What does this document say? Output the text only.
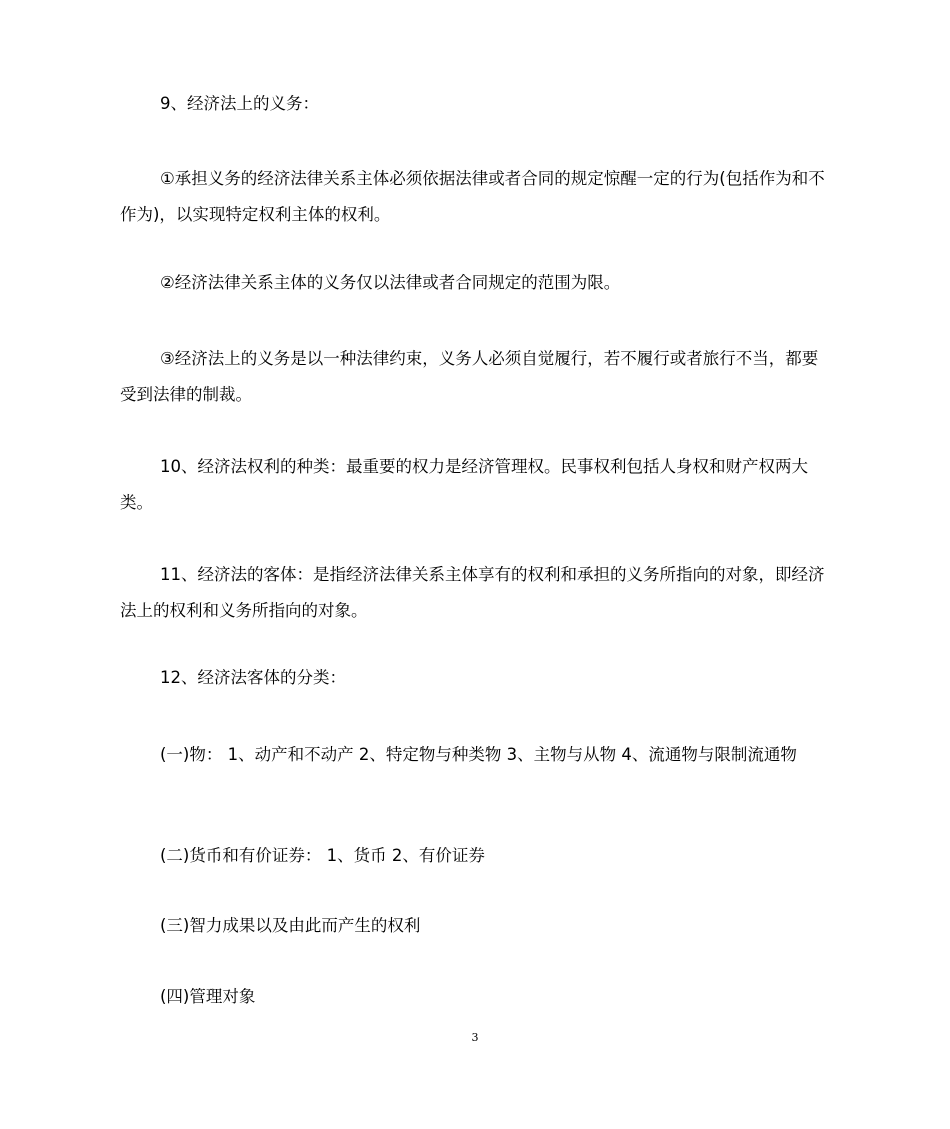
9、经济法上的义务：

①承担义务的经济法律关系主体必须依据法律或者合同的规定惊醒一定的行为(包括作为和不作为)，以实现特定权利主体的权利。

②经济法律关系主体的义务仅以法律或者合同规定的范围为限。

③经济法上的义务是以一种法律约束，义务人必须自觉履行，若不履行或者旅行不当，都要受到法律的制裁。

10、经济法权利的种类：最重要的权力是经济管理权。民事权利包括人身权和财产权两大类。

11、经济法的客体：是指经济法律关系主体享有的权利和承担的义务所指向的对象，即经济法上的权利和义务所指向的对象。

12、经济法客体的分类：

(一)物： 1、动产和不动产 2、特定物与种类物 3、主物与从物 4、流通物与限制流通物

(二)货币和有价证券： 1、货币 2、有价证券

(三)智力成果以及由此而产生的权利

(四)管理对象

3
